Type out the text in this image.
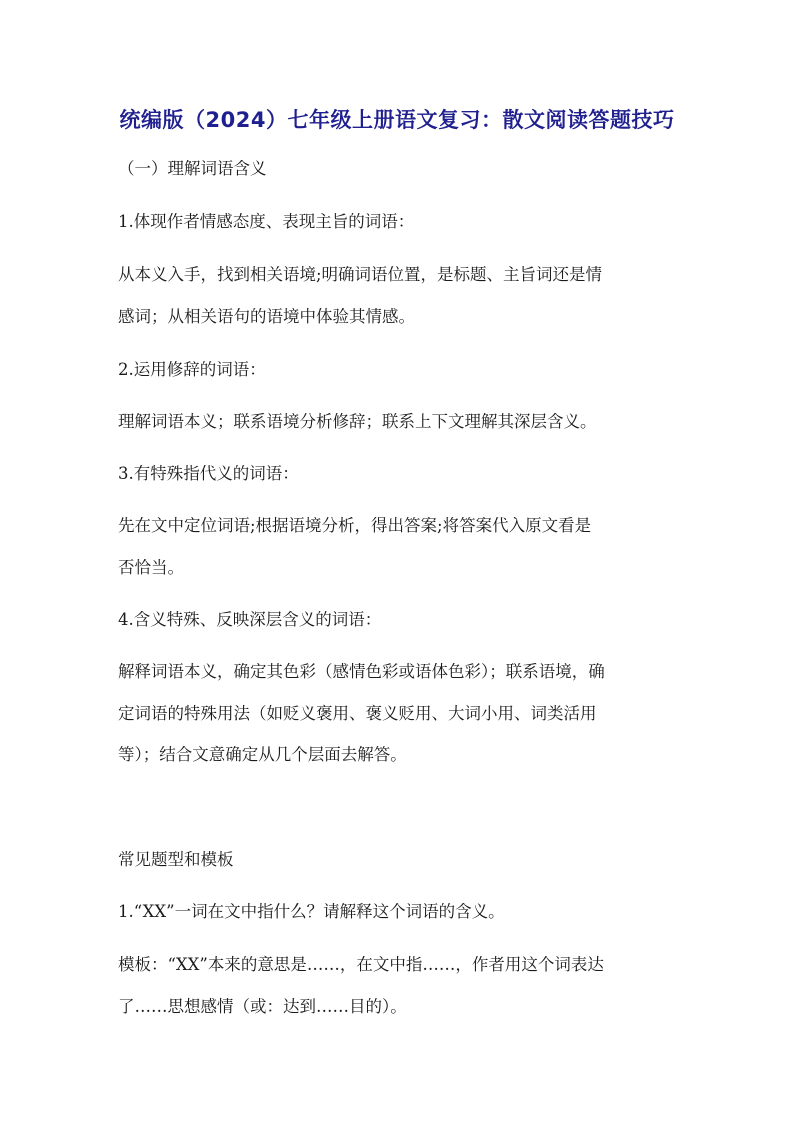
统编版（2024）七年级上册语文复习：散文阅读答题技巧
（一）理解词语含义
1.体现作者情感态度、表现主旨的词语：
从本义入手，找到相关语境;明确词语位置，是标题、主旨词还是情
感词；从相关语句的语境中体验其情感。
2.运用修辞的词语：
理解词语本义；联系语境分析修辞；联系上下文理解其深层含义。
3.有特殊指代义的词语：
先在文中定位词语;根据语境分析，得出答案;将答案代入原文看是
否恰当。
4.含义特殊、反映深层含义的词语：
解释词语本义，确定其色彩（感情色彩或语体色彩）；联系语境，确
定词语的特殊用法（如贬义褒用、褒义贬用、大词小用、词类活用
等）；结合文意确定从几个层面去解答。
常见题型和模板
1.“XX”一词在文中指什么？请解释这个词语的含义。
模板：“XX”本来的意思是……，在文中指……，作者用这个词表达
了……思想感情（或：达到……目的）。
